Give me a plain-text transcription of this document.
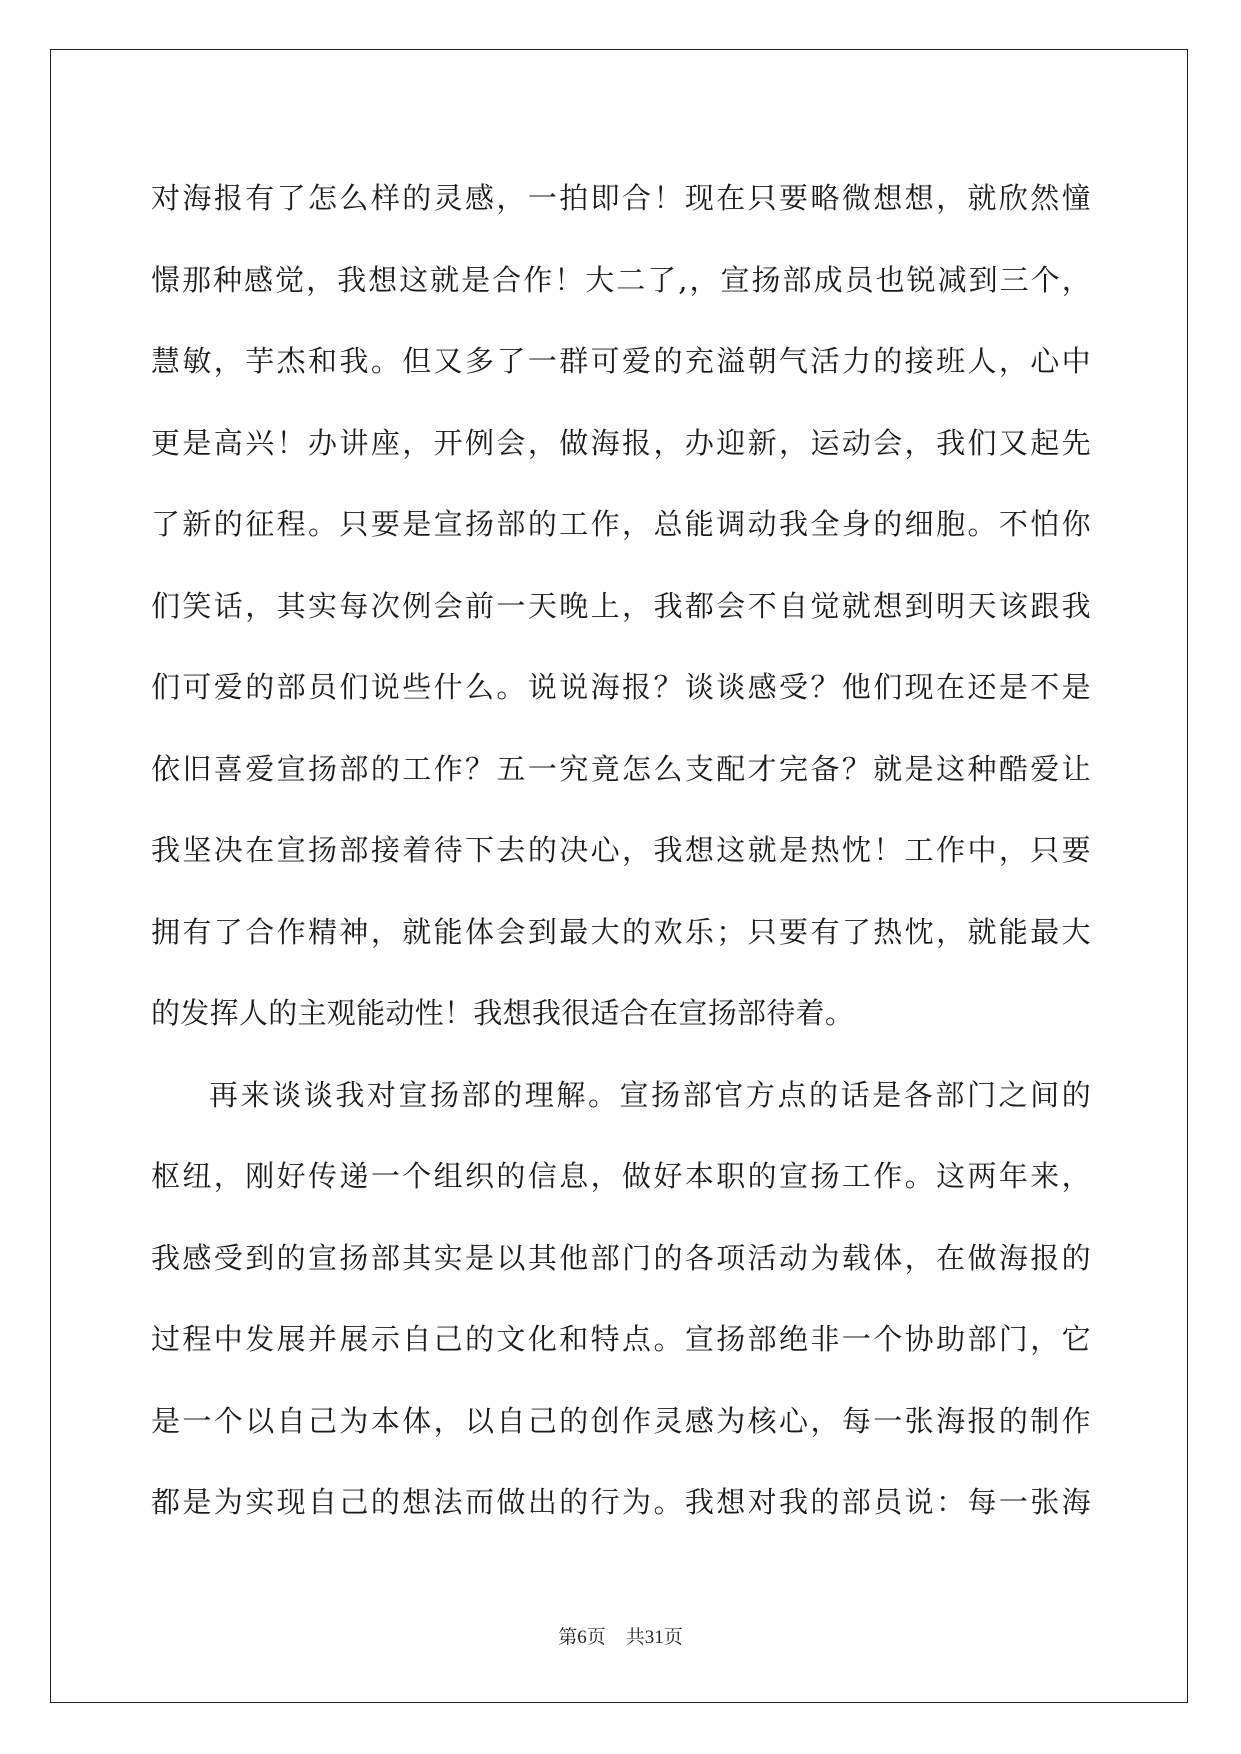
对海报有了怎么样的灵感，一拍即合！现在只要略微想想，就欣然憧
憬那种感觉，我想这就是合作！大二了,，宣扬部成员也锐减到三个，
慧敏，芋杰和我。但又多了一群可爱的充溢朝气活力的接班人，心中
更是高兴！办讲座，开例会，做海报，办迎新，运动会，我们又起先
了新的征程。只要是宣扬部的工作，总能调动我全身的细胞。不怕你
们笑话，其实每次例会前一天晚上，我都会不自觉就想到明天该跟我
们可爱的部员们说些什么。说说海报？谈谈感受？他们现在还是不是
依旧喜爱宣扬部的工作？五一究竟怎么支配才完备？就是这种酷爱让
我坚决在宣扬部接着待下去的决心，我想这就是热忱！工作中，只要
拥有了合作精神，就能体会到最大的欢乐；只要有了热忱，就能最大
的发挥人的主观能动性！我想我很适合在宣扬部待着。
再来谈谈我对宣扬部的理解。宣扬部官方点的话是各部门之间的
枢纽，刚好传递一个组织的信息，做好本职的宣扬工作。这两年来，
我感受到的宣扬部其实是以其他部门的各项活动为载体，在做海报的
过程中发展并展示自己的文化和特点。宣扬部绝非一个协助部门，它
是一个以自己为本体，以自己的创作灵感为核心，每一张海报的制作
都是为实现自己的想法而做出的行为。我想对我的部员说：每一张海
第6页 共31页
